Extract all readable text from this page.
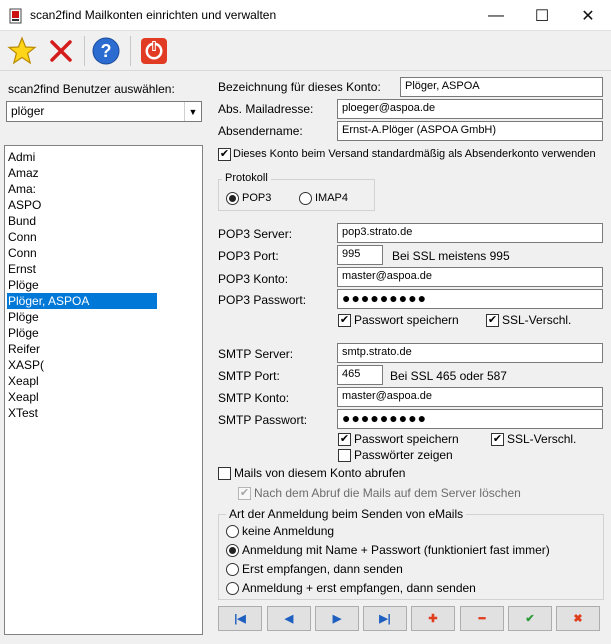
scan2find Mailkonten einrichten und verwalten	—	☐	✕
?
scan2find Benutzer auswählen:
plöger	▼
Admi
Amaz
Ama:
ASPO
Bund
Conn
Conn
Ernst
Plöge
Plöger, ASPOA
Plöge
Plöge
Reifer
XASP(
Xeapl
Xeapl
XTest
Bezeichnung für dieses Konto:	Plöger, ASPOA
Abs. Mailadresse:	ploeger@aspoa.de
Absendername:	Ernst-A.Plöger (ASPOA GmbH)
✔ Dieses Konto beim Versand standardmäßig als Absenderkonto verwenden
Protokoll
POP3	IMAP4
POP3 Server:	pop3.strato.de
POP3 Port:	995	Bei SSL meistens 995
POP3 Konto:	master@aspoa.de
POP3 Passwort:	●●●●●●●●●
✔ Passwort speichern	✔ SSL-Verschl.
SMTP Server:	smtp.strato.de
SMTP Port:	465	Bei SSL 465 oder 587
SMTP Konto:	master@aspoa.de
SMTP Passwort:	●●●●●●●●●
✔ Passwort speichern	✔ SSL-Verschl.
Passwörter zeigen
Mails von diesem Konto abrufen
✔ Nach dem Abruf die Mails auf dem Server löschen
Art der Anmeldung beim Senden von eMails
keine Anmeldung
Anmeldung mit Name + Passwort (funktioniert fast immer)
Erst empfangen, dann senden
Anmeldung + erst empfangen, dann senden
|◀	◀	▶	▶|	✚	━	✔	✖
